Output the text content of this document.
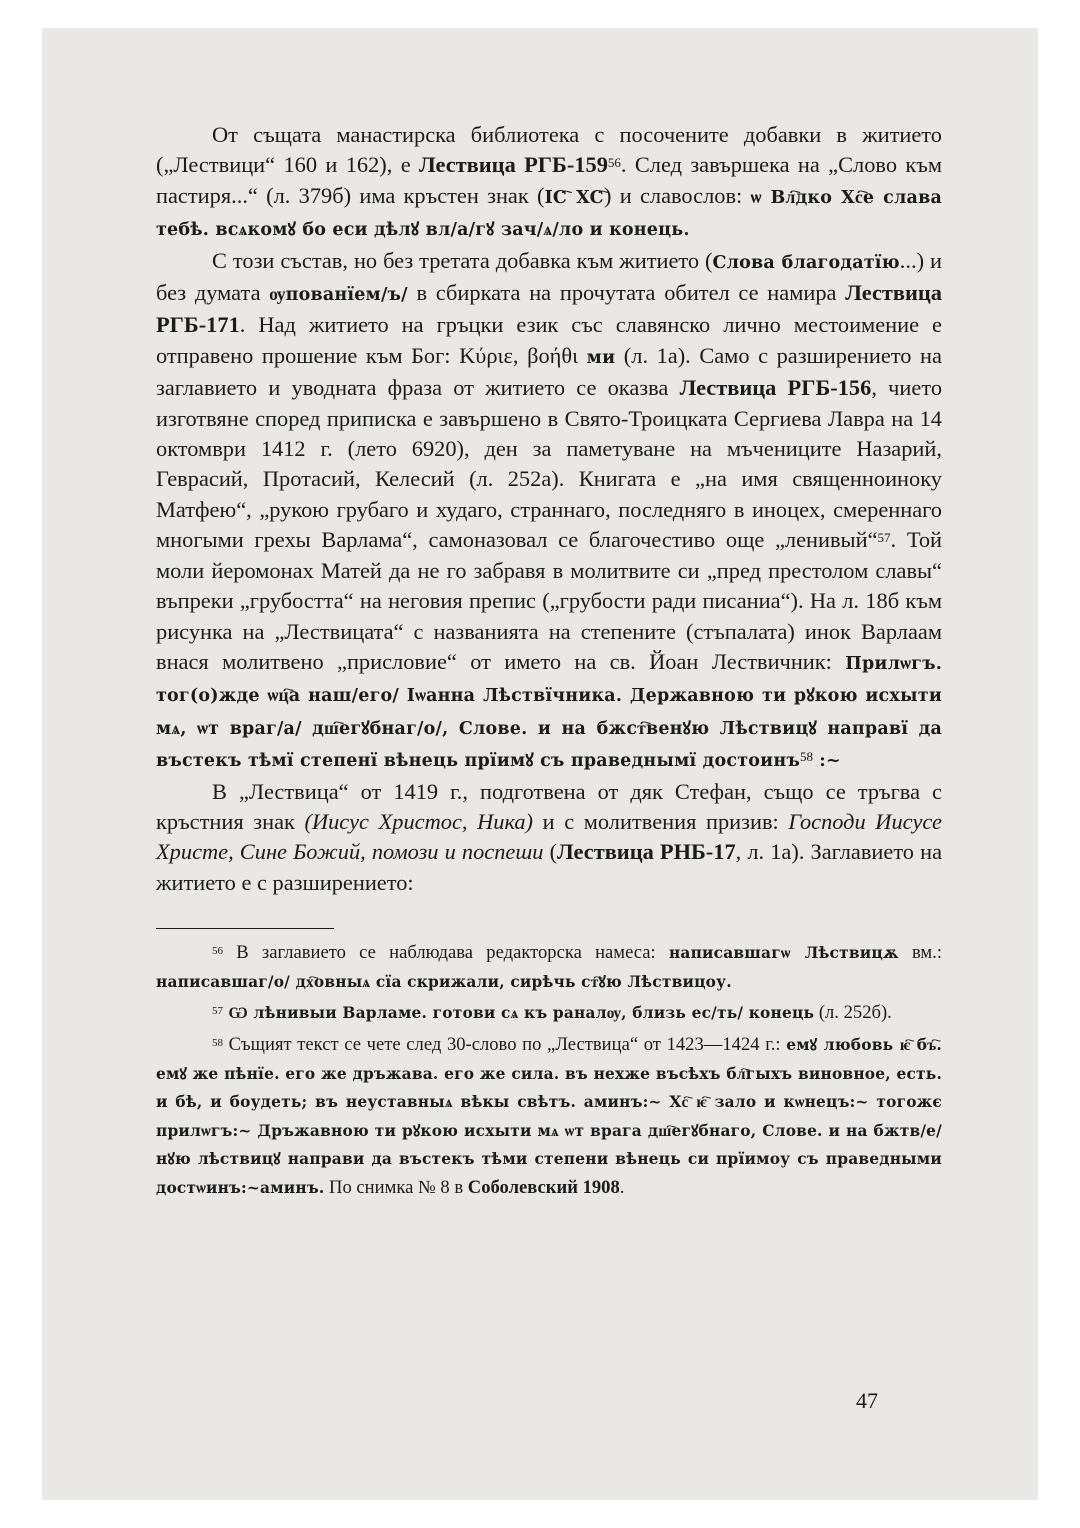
От същата манастирска библиотека с посочените добавки в житието („Лествици“ 160 и 162), е Лествица РГБ-$159^{56}$. След завършека на „Слово към пастиря...“ (л. 379б) има кръстен знак (IC҇ XC҇) и славослов: ѡ Вл҇дко Хс҇е слава тебѣ. всѧкомꙋ бо еси дѣлꙋ вл/а/гꙋ зач/ѧ/ло и конець.

С този състав, но без третата добавка към житието (Слова благодатїю...) и без думата ѹпованїем/ъ/ в сбирката на прочутата обител се намира Лествица РГБ-171. Над житието на гръцки език със славянско лично местоимение е отправено прошение към Бог: Κύριε, βοήθι ми (л. 1а). Само с разширението на заглавието и уводната фраза от житието се оказва Лествица РГБ-156, чието изготвяне според приписка е завършено в Свято-Троицката Сергиева Лавра на 14 октомври 1412 г. (лето 6920), ден за паметуване на мъчениците Назарий, Геврасий, Протасий, Келесий (л. 252а). Книгата е „на имя священноиноку Матфею“, „рукою грубаго и худаго, страннаго, последняго в иноцех, смереннаго многыми грехы Варлама“, самоназовал се благочестиво още „ленивый“$^{57}$. Той моли йеромонах Матей да не го забравя в молитвите си „пред престолом славы“ въпреки „грубостта“ на неговия препис („грубости ради писаниа“). На л. 18б към рисунка на „Лествицата“ с названията на степените (стъпалата) инок Варлаам внася молитвено „присловие“ от името на св. Йоан Лествичник: Прилѡгъ. тог(о)жде ѡц҇а наш/его/ Ιѡанна Лѣствїчника. Державною ти рꙋкою исхыти мѧ, ѡт враг/а/ дш҇егꙋбнаг/о/, Слове. и на бжст҇венꙋю Лѣствицꙋ направї да въстекъ тѣмї степенї вѣнець прїимꙋ съ праведнымї достоинъ$^{58}$ :~

В „Лествица“ от 1419 г., подготвена от дяк Стефан, също се тръгва с кръстния знак (Иисус Христос, Ника) и с молитвения призив: Господи Иисусе Христе, Сине Божий, помози и поспеши (Лествица РНБ-17, л. 1а). Заглавието на житието е с разширението:

$^{56}$ В заглавието се наблюдава редакторска намеса: написавшагѡ Лѣствицѫ вм.: написавшаг/о/ дх҇овныѧ сїа скрижали, сирѣчь ст҇ꙋю Лѣствицоу.

$^{57}$ Ѡ лѣнивыи Варламе. готови сѧ къ раналѹ, близь ес/ть/ конець (л. 252б).

$^{58}$ Същият текст се чете след 30-слово по „Лествица“ от 1423—1424 г.: емꙋ любовь ѥ҇ бъ҇. емꙋ же пѣнїе. его же дръжава. его же сила. въ нехже въсѣхъ бл҇гыхъ виновное, есть. и бѣ, и боудеть; въ неуставныѧ вѣкы свѣтъ. аминъ:~ Хс҇ ѥ҇ зало и кѡнецъ:~ тогожє прилѡгъ:~ Дръжавною ти рꙋкою исхыти мѧ ѡт врага дш҇егꙋбнаго, Слове. и на бжтв/е/нꙋю лѣствицꙋ направи да въстекъ тѣми степени вѣнець си прїимоу съ праведными достѡинъ:~аминъ. По снимка № 8 в Соболевский 1908.

47
